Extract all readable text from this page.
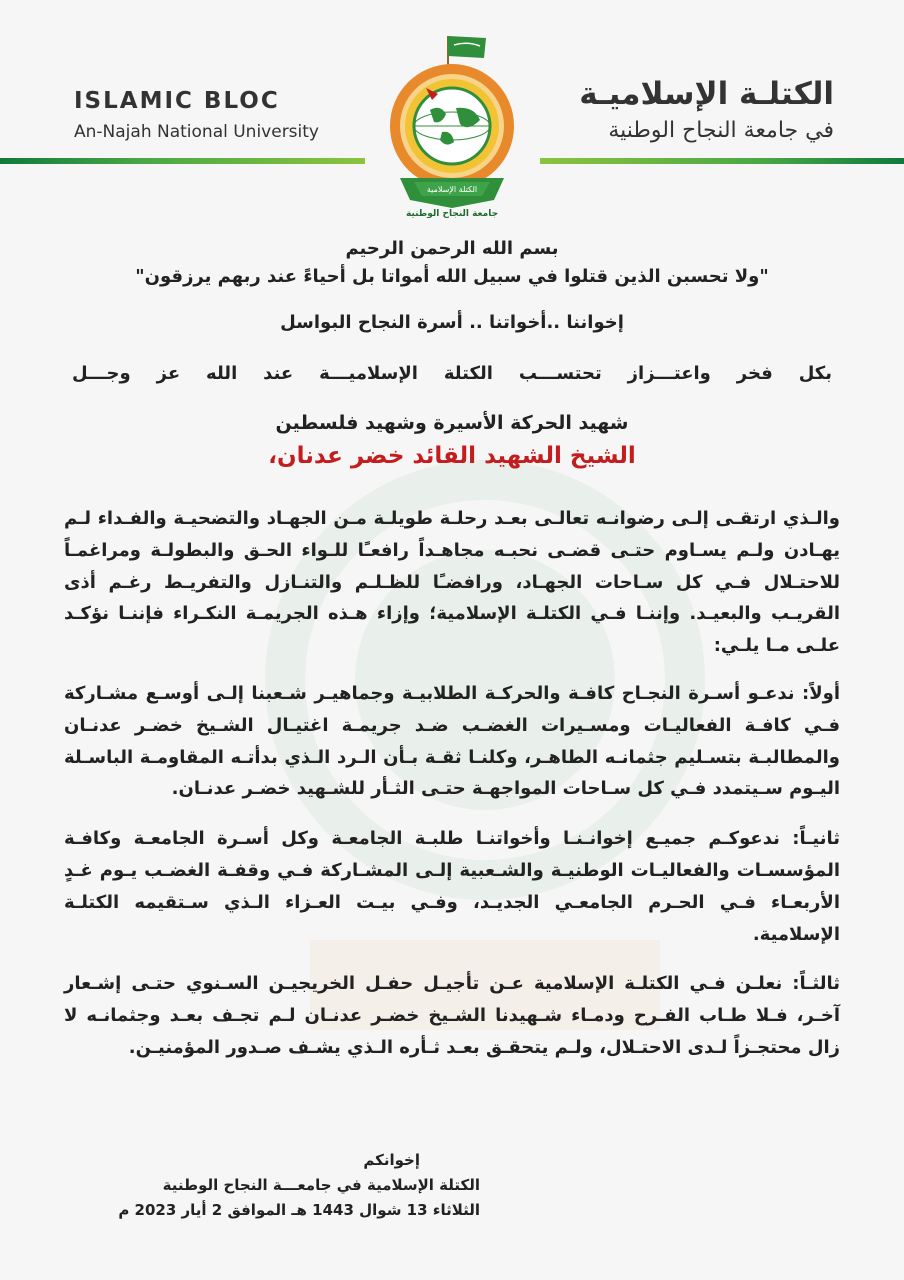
ISLAMIC BLOC
An-Najah National University
الكتلـة الإسلاميـة
في جامعة النجاح الوطنية
الكتلة الإسلامية
جامعة النجاح الوطنية

بسم الله الرحمن الرحيم

"ولا تحسبن الذين قتلوا في سبيل الله أمواتا بل أحياءً عند ربهم يرزقون"

إخواننا ..أخواتنا .. أسرة النجاح البواسل

بكل فخر واعتـــزاز تحتســـب الكتلة الإسلاميـــة عند الله عز وجـــل

شهيد الحركة الأسيرة وشهيد فلسطين

الشيخ الشهيد القائد خضر عدنان،

والـذي ارتقـى إلـى رضوانـه تعالـى بعـد رحلـة طويلـة مـن الجهـاد والتضحيـة والفـداء لـم يهـادن ولـم يسـاوم حتـى قضـى نحبـه مجاهـداً رافعـًا للـواء الحـق والبطولـة ومراغمـاً للاحتـلال فـي كل سـاحات الجهـاد، ورافضـًا للظـلـم والتنـازل والتفريـط رغـم أذى القريـب والبعيـد. وإننـا فـي الكتلـة الإسلامية؛ وإزاء هـذه الجريمـة النكـراء فإننـا نؤكـد علـى مـا يلـي:

أولاً: ندعـو أسـرة النجـاح كافـة والحركـة الطلابيـة وجماهيـر شـعبنا إلـى أوسـع مشـاركة فـي كافـة الفعاليـات ومسـيرات الغضـب ضـد جريمـة اغتيـال الشـيخ خضـر عدنـان والمطالبـة بتسـليم جثمانـه الطاهـر، وكلنـا ثقـة بـأن الـرد الـذي بدأتـه المقاومـة الباسـلة اليـوم سـيتمدد فـي كل سـاحات المواجهـة حتـى الثـأر للشـهيد خضـر عدنـان.

ثانيـاً: ندعوكـم جميـع إخوانـنـا وأخواتنـا طلبـة الجامعـة وكل أسـرة الجامعـة وكافـة المؤسسـات والفعاليـات الوطنيـة والشـعبية إلـى المشـاركة فـي وقفـة الغضـب يـوم غـدٍ الأربعـاء فـي الحـرم الجامعـي الجديـد، وفـي بيـت العـزاء الـذي سـتقيمه الكتلـة الإسلامية.

ثالثـاً: نعلـن فـي الكتلـة الإسلامية عـن تأجيـل حفـل الخريجيـن السـنوي حتـى إشـعار آخـر، فـلا طـاب الفـرح ودمـاء شـهيدنا الشـيخ خضـر عدنـان لـم تجـف بعـد وجثمانـه لا زال محتجـزاً لـدى الاحتـلال، ولـم يتحقـق بعـد ثـأره الـذي يشـف صـدور المؤمنيـن.

إخوانكم
الكتلة الإسلامية في جامعـــة النجاح الوطنية
الثلاثاء 13 شوال 1443 هـ الموافق 2 أيار 2023 م
